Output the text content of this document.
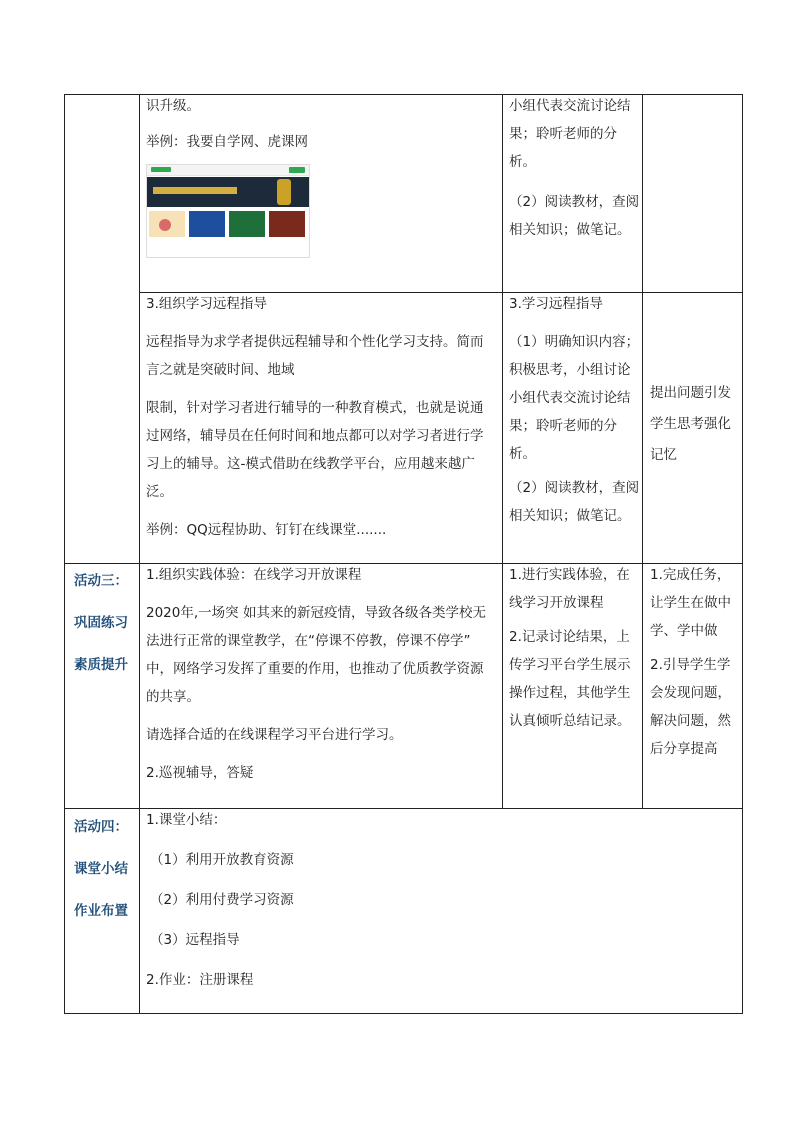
识升级。

举例：我要自学网、虎课网

小组代表交流讨论结
果；聆听老师的分析。
（2）阅读教材，查阅
相关知识；做笔记。
3.组织学习远程指导
远程指导为求学者提供远程辅导和个性化学习支持。简而
言之就是突破时间、地域
限制，针对学习者进行辅导的一种教育模式，也就是说通
过网络，辅导员在任何时间和地点都可以对学习者进行学
习上的辅导。这-模式借助在线教学平台，应用越来越广泛。
举例：QQ远程协助、钉钉在线课堂.......
3.学习远程指导
（1）明确知识内容；
积极思考，小组讨论
小组代表交流讨论结
果；聆听老师的分析。
（2）阅读教材，查阅
相关知识；做笔记。
提出问题引发
学生思考强化
记忆
活动三：
巩固练习
素质提升
1.组织实践体验：在线学习开放课程
2020年,一场突 如其来的新冠疫情，导致各级各类学校无
法进行正常的课堂教学，在“停课不停教，停课不停学”
中，网络学习发挥了重要的作用，也推动了优质教学资源
的共享。
请选择合适的在线课程学习平台进行学习。
2.巡视辅导，答疑
1.进行实践体验，在
线学习开放课程
2.记录讨论结果，上
传学习平台学生展示
操作过程，其他学生
认真倾听总结记录。
1.完成任务，
让学生在做中
学、学中做
2.引导学生学
会发现问题，
解决问题，然
后分享提高
活动四：
课堂小结
作业布置
1.课堂小结：
（1）利用开放教育资源
（2）利用付费学习资源
（3）远程指导
2.作业：注册课程
